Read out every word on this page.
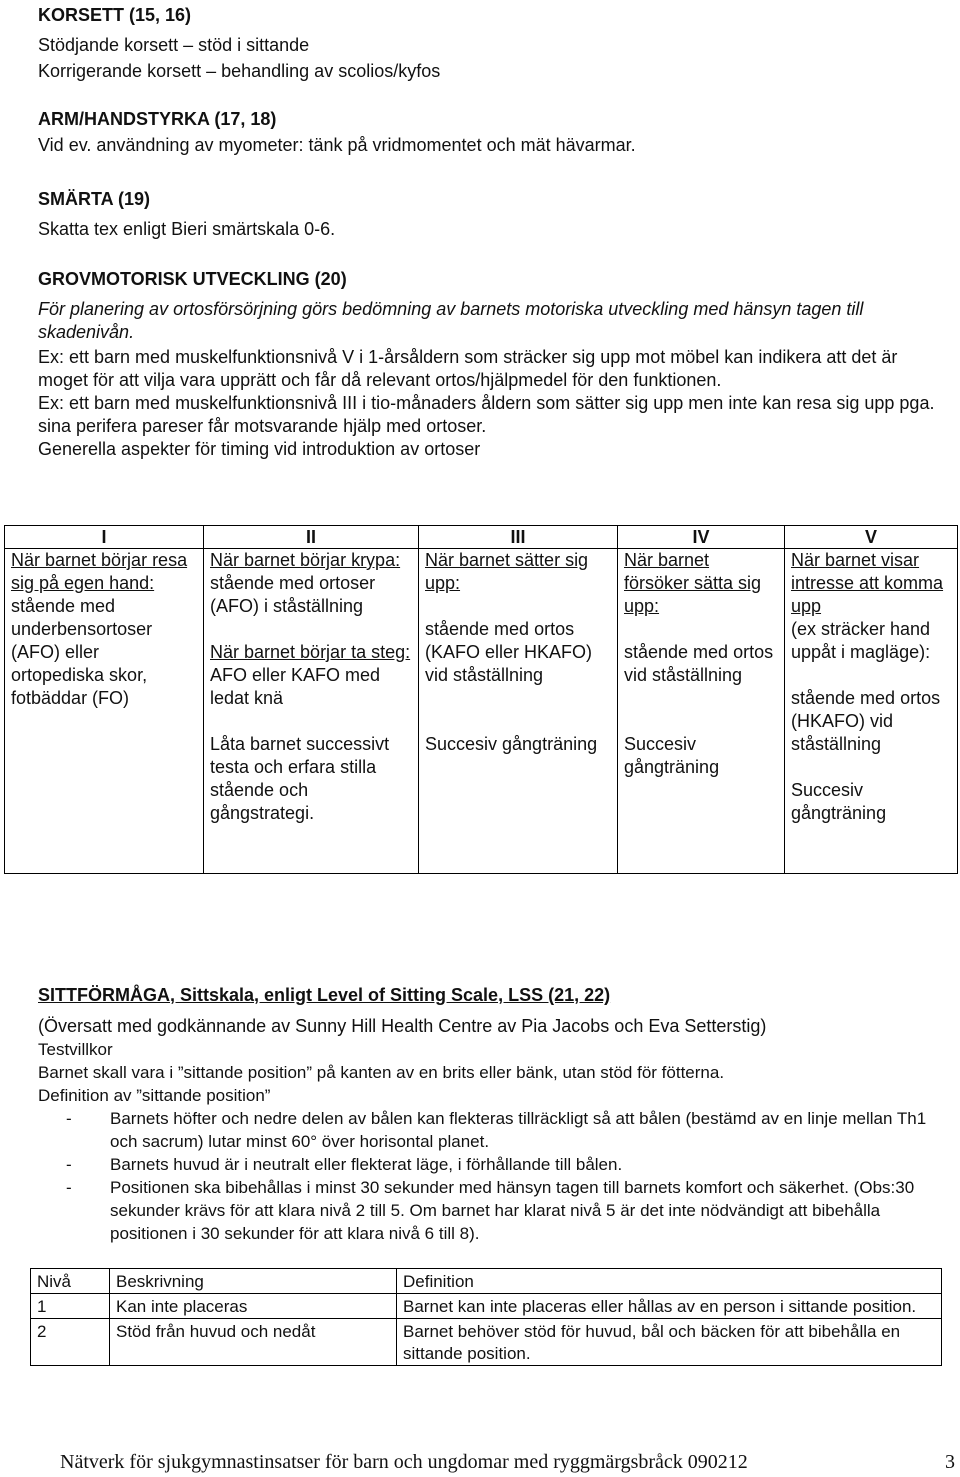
KORSETT (15, 16)

Stödjande korsett – stöd i sittande

Korrigerande korsett – behandling av scolios/kyfos

ARM/HANDSTYRKA (17, 18)

Vid ev. användning av myometer: tänk på vridmomentet och mät hävarmar.

SMÄRTA (19)

Skatta tex enligt Bieri smärtskala 0-6.

GROVMOTORISK UTVECKLING (20)

För planering av ortosförsörjning görs bedömning av barnets motoriska utveckling med hänsyn tagen till skadenivån.

Ex: ett barn med muskelfunktionsnivå V i 1-årsåldern som sträcker sig upp mot möbel kan indikera att det är moget för att vilja vara upprätt och får då relevant ortos/hjälpmedel för den funktionen.

Ex: ett barn med muskelfunktionsnivå III i tio-månaders åldern som sätter sig upp men inte kan resa sig upp pga. sina perifera pareser får motsvarande hjälp med ortoser.

Generella aspekter för timing vid introduktion av ortoser

I	II	III	IV	V

När barnet börjar resa sig på egen hand:
stående med underbensortoser (AFO) eller ortopediska skor, fotbäddar (FO)	När barnet börjar krypa:
stående med ortoser (AFO) i ståställning
När barnet börjar ta steg:
AFO eller KAFO med ledat knä
Låta barnet successivt testa och erfara stilla stående och gångstrategi.	När barnet sätter sig upp:
stående med ortos (KAFO eller HKAFO) vid ståställning
Succesiv gångträning	När barnet försöker sätta sig upp:
stående med ortos vid ståställning
Succesiv gångträning	När barnet visar intresse att komma upp
(ex sträcker hand uppåt i magläge):
stående med ortos (HKAFO) vid ståställning
Succesiv gångträning

SITTFÖRMÅGA, Sittskala, enligt Level of Sitting Scale, LSS (21, 22)

(Översatt med godkännande av Sunny Hill Health Centre av Pia Jacobs och Eva Setterstig)

Testvillkor

Barnet skall vara i ”sittande position” på kanten av en brits eller bänk, utan stöd för fötterna.

Definition av ”sittande position”

- Barnets höfter och nedre delen av bålen kan flekteras tillräckligt så att bålen (bestämd av en linje mellan Th1 och sacrum) lutar minst 60° över horisontal planet.
- Barnets huvud är i neutralt eller flekterat läge, i förhållande till bålen.
- Positionen ska bibehållas i minst 30 sekunder med hänsyn tagen till barnets komfort och säkerhet. (Obs:30 sekunder krävs för att klara nivå 2 till 5. Om barnet har klarat nivå 5 är det inte nödvändigt att bibehålla positionen i 30 sekunder för att klara nivå 6 till 8).
Nivå	Beskrivning	Definition
1	Kan inte placeras	Barnet kan inte placeras eller hållas av en person i sittande position.
2	Stöd från huvud och nedåt	Barnet behöver stöd för huvud, bål och bäcken för att bibehålla en sittande position.
Nätverk för sjukgymnastinsatser för barn och ungdomar med ryggmärgsbråck 090212	3
